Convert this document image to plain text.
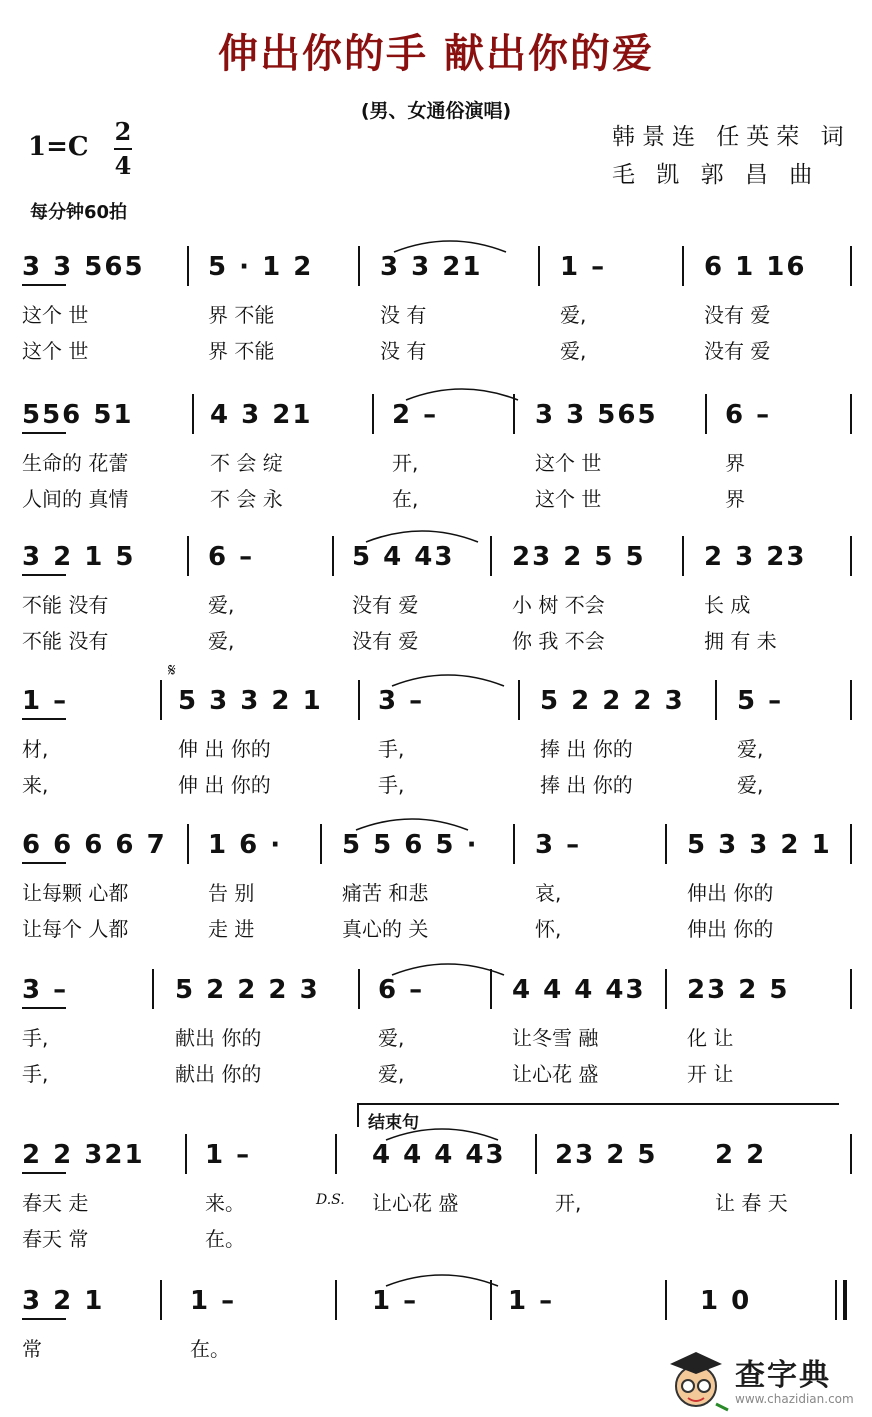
伸出你的手 献出你的爱
(男、女通俗演唱)
1=C
2
4
每分钟60拍
韩景连 任英荣 词
毛 凯 郭 昌 曲
3 3 565
这个 世
这个 世
5 · 1 2
界 不能
界 不能
3 3 21
没 有
没 有
1 –
爱,
爱,
6 1 16
没有 爱
没有 爱
556 51
生命的 花蕾
人间的 真情
4 3 21
不 会 绽
不 会 永
2 –
开,
在,
3 3 565
这个 世
这个 世
6 –
界
界
3 2 1 5
不能 没有
不能 没有
6 –
爱,
爱,
5 4 43
没有 爱
没有 爱
23 2 5 5
小 树 不会
你 我 不会
2 3 23
长 成
拥 有 未
1 –
材,
来,
5 3 3 2 1
伸 出 你的
伸 出 你的
3 –
手,
手,
5 2 2 2 3
捧 出 你的
捧 出 你的
5 –
爱,
爱,
6 6 6 6 7
让每颗 心都
让每个 人都
1 6 ·
告 别
走 进
5 5 6 5 ·
痛苦 和悲
真心的 关
3 –
哀,
怀,
5 3 3 2 1
伸出 你的
伸出 你的
3 –
手,
手,
5 2 2 2 3
献出 你的
献出 你的
6 –
爱,
爱,
4 4 4 43
让冬雪 融
让心花 盛
23 2 5
化 让
开 让
2 2 321
春天 走
春天 常
1 –
来。
在。
4 4 4 43
让心花 盛
23 2 5
开,
2 2
让 春 天
3 2 1
常
1 –
在。
1 –	1 –	1 0
结束句
D.S.
𝄋
查字典
www.chazidian.com
